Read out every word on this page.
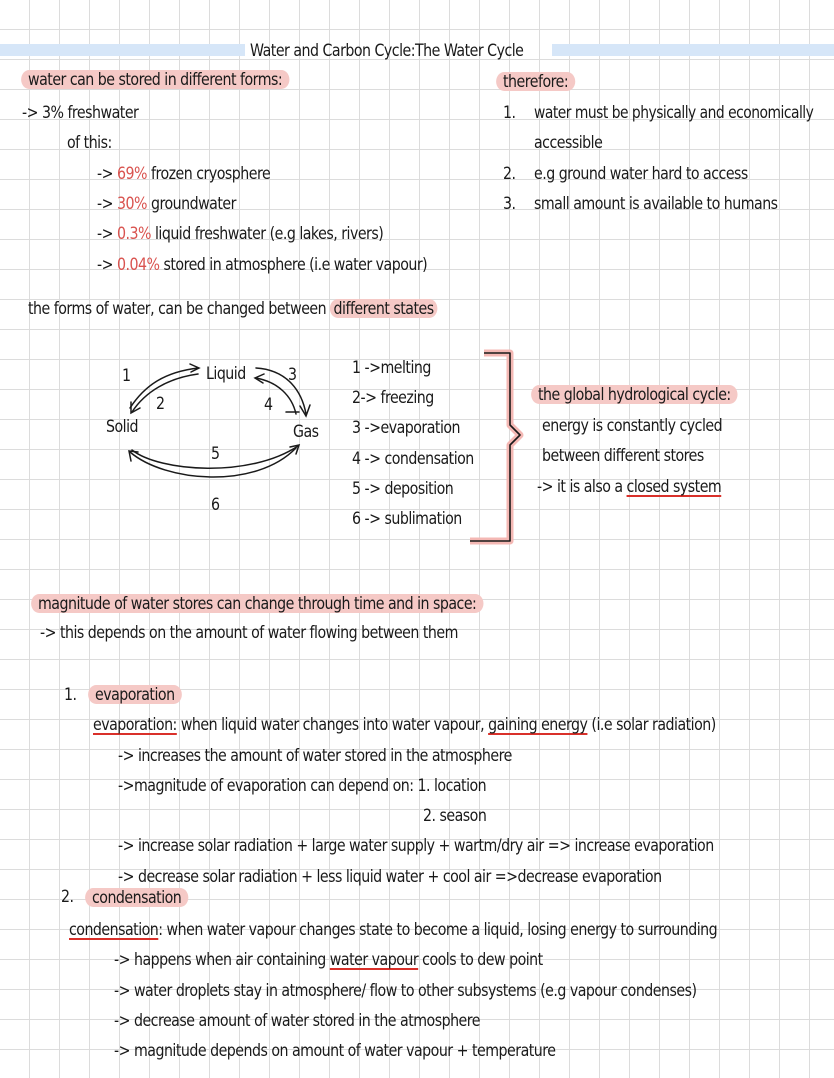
Water and Carbon Cycle:The Water Cycle
water can be stored in different forms:
-> 3% freshwater
of this:
-> 69% frozen cryosphere
-> 30% groundwater
-> 0.3% liquid freshwater (e.g lakes, rivers)
-> 0.04% stored in atmosphere (i.e water vapour)
therefore:
1. water must be physically and economically
accessible
2. e.g ground water hard to access
3. small amount is available to humans
the forms of water, can be changed between different states
Liquid
Solid	Gas
1
2
3
4
5
6
1 ->melting
2-> freezing
3 ->evaporation
4 -> condensation
5 -> deposition
6 -> sublimation
the global hydrological cycle:
energy is constantly cycled
between different stores
-> it is also a closed system
magnitude of water stores can change through time and in space:
-> this depends on the amount of water flowing between them
1. evaporation
evaporation: when liquid water changes into water vapour, gaining energy (i.e solar radiation)
-> increases the amount of water stored in the atmosphere
->magnitude of evaporation can depend on: 1. location
2. season
-> increase solar radiation + large water supply + wartm/dry air => increase evaporation
-> decrease solar radiation + less liquid water + cool air =>decrease evaporation
2. condensation
condensation: when water vapour changes state to become a liquid, losing energy to surrounding
-> happens when air containing water vapour cools to dew point
-> water droplets stay in atmosphere/ flow to other subsystems (e.g vapour condenses)
-> decrease amount of water stored in the atmosphere
-> magnitude depends on amount of water vapour + temperature
